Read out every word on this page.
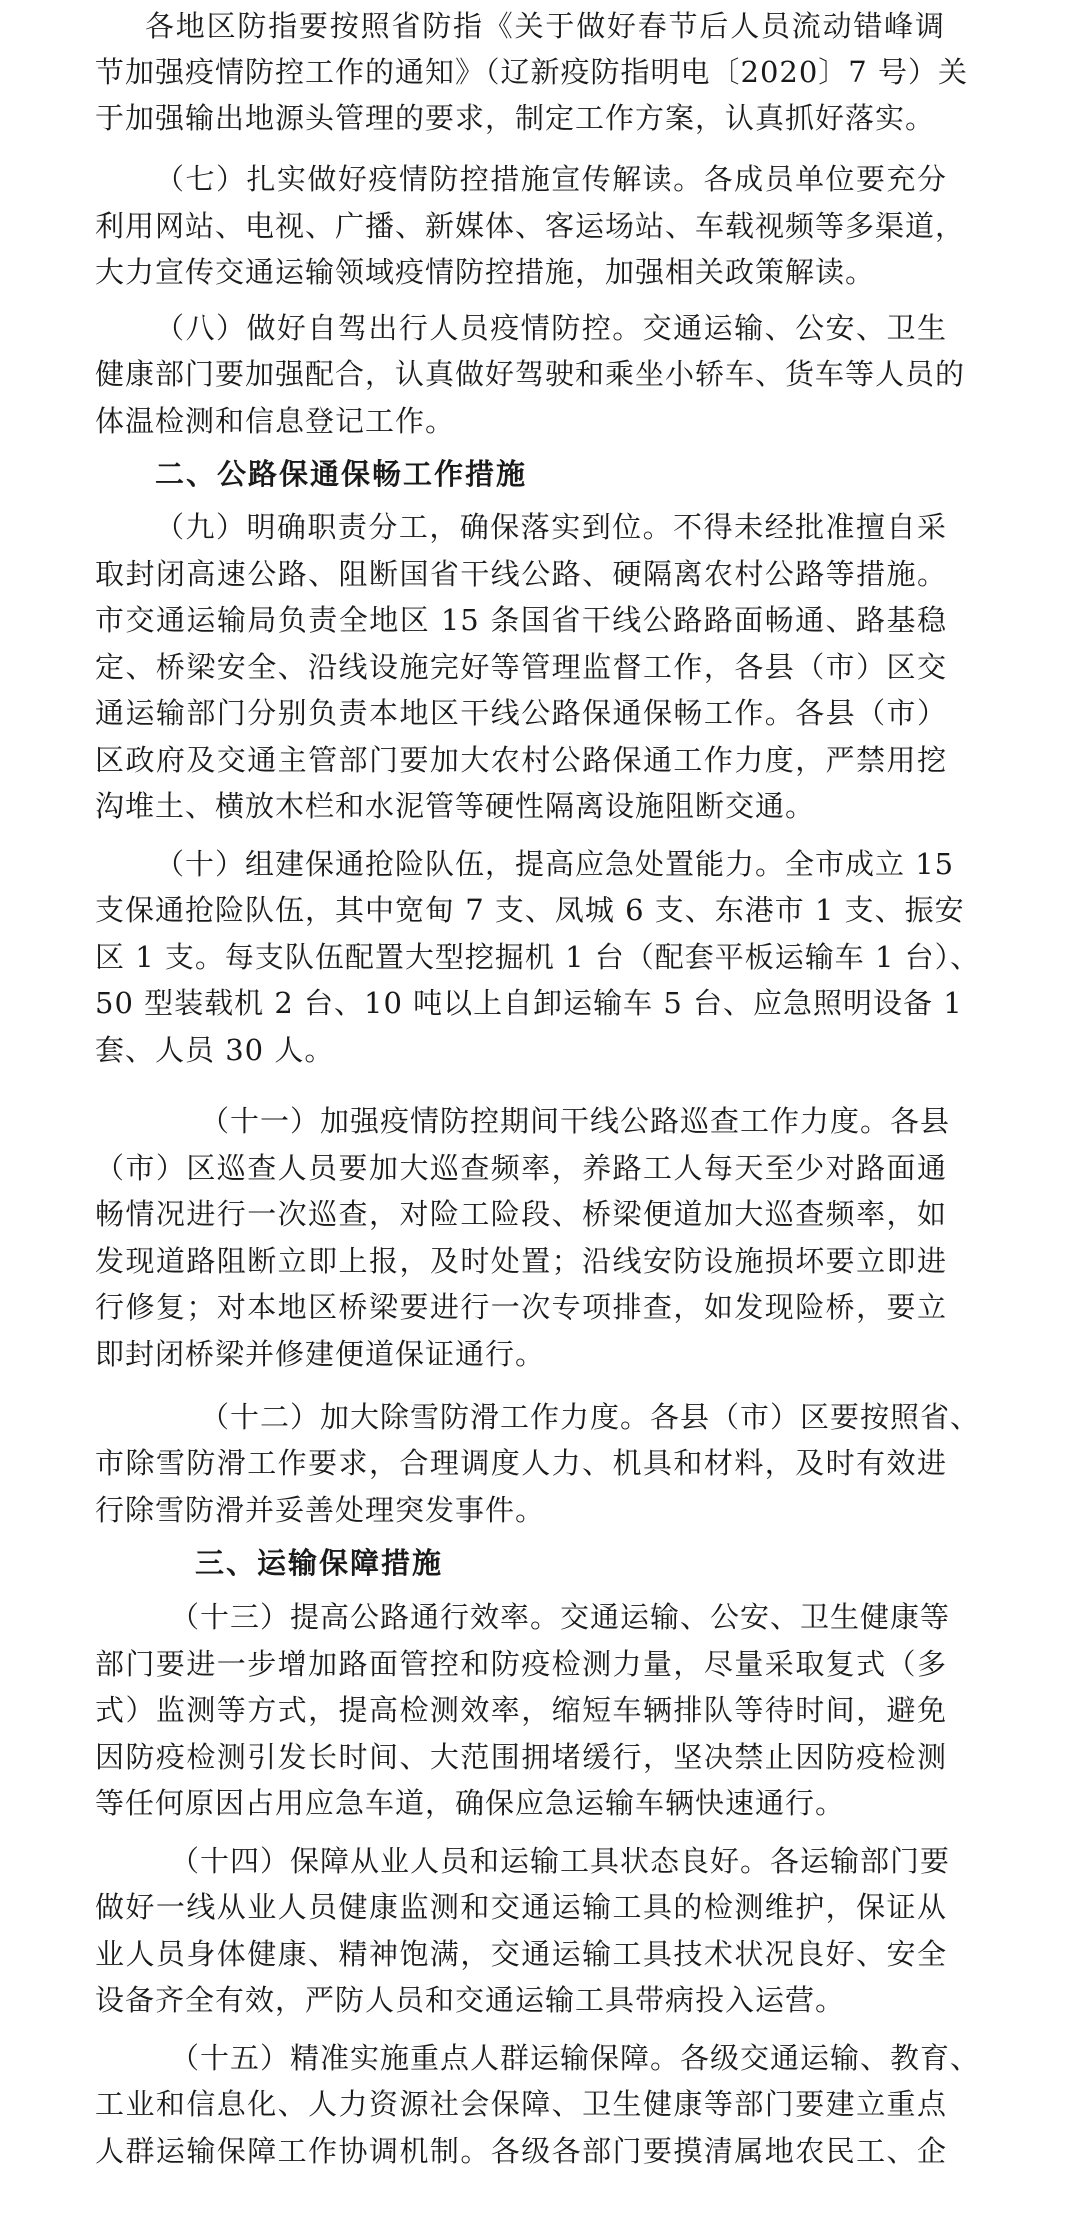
各地区防指要按照省防指《关于做好春节后人员流动错峰调
节加强疫情防控工作的通知》（辽新疫防指明电〔2020〕7 号）关
于加强输出地源头管理的要求，制定工作方案，认真抓好落实。
（七）扎实做好疫情防控措施宣传解读。各成员单位要充分
利用网站、电视、广播、新媒体、客运场站、车载视频等多渠道，
大力宣传交通运输领域疫情防控措施，加强相关政策解读。
（八）做好自驾出行人员疫情防控。交通运输、公安、卫生
健康部门要加强配合，认真做好驾驶和乘坐小轿车、货车等人员的
体温检测和信息登记工作。
二、公路保通保畅工作措施
（九）明确职责分工，确保落实到位。不得未经批准擅自采
取封闭高速公路、阻断国省干线公路、硬隔离农村公路等措施。
市交通运输局负责全地区 15 条国省干线公路路面畅通、路基稳
定、桥梁安全、沿线设施完好等管理监督工作，各县（市）区交
通运输部门分别负责本地区干线公路保通保畅工作。各县（市）
区政府及交通主管部门要加大农村公路保通工作力度，严禁用挖
沟堆土、横放木栏和水泥管等硬性隔离设施阻断交通。
（十）组建保通抢险队伍，提高应急处置能力。全市成立 15
支保通抢险队伍，其中宽甸 7 支、凤城 6 支、东港市 1 支、振安
区 1 支。每支队伍配置大型挖掘机 1 台（配套平板运输车 1 台）、
50 型装载机 2 台、10 吨以上自卸运输车 5 台、应急照明设备 1
套、人员 30 人。
（十一）加强疫情防控期间干线公路巡查工作力度。各县
（市）区巡查人员要加大巡查频率，养路工人每天至少对路面通
畅情况进行一次巡查，对险工险段、桥梁便道加大巡查频率，如
发现道路阻断立即上报，及时处置；沿线安防设施损坏要立即进
行修复；对本地区桥梁要进行一次专项排查，如发现险桥，要立
即封闭桥梁并修建便道保证通行。
（十二）加大除雪防滑工作力度。各县（市）区要按照省、
市除雪防滑工作要求，合理调度人力、机具和材料，及时有效进
行除雪防滑并妥善处理突发事件。
三、运输保障措施
（十三）提高公路通行效率。交通运输、公安、卫生健康等
部门要进一步增加路面管控和防疫检测力量，尽量采取复式（多
式）监测等方式，提高检测效率，缩短车辆排队等待时间，避免
因防疫检测引发长时间、大范围拥堵缓行，坚决禁止因防疫检测
等任何原因占用应急车道，确保应急运输车辆快速通行。
（十四）保障从业人员和运输工具状态良好。各运输部门要
做好一线从业人员健康监测和交通运输工具的检测维护，保证从
业人员身体健康、精神饱满，交通运输工具技术状况良好、安全
设备齐全有效，严防人员和交通运输工具带病投入运营。
（十五）精准实施重点人群运输保障。各级交通运输、教育、
工业和信息化、人力资源社会保障、卫生健康等部门要建立重点
人群运输保障工作协调机制。各级各部门要摸清属地农民工、企
